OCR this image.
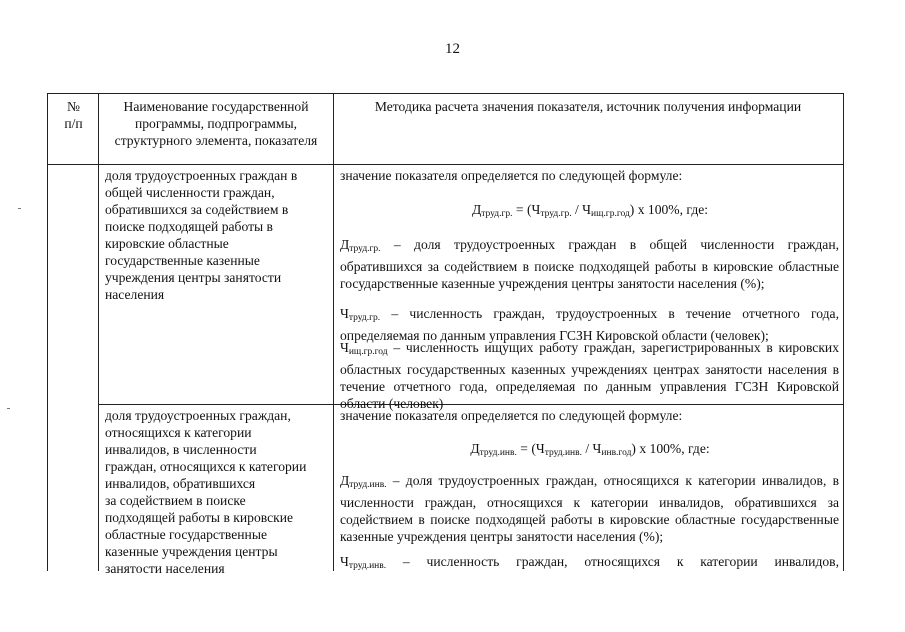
12
№
п/п
Наименование государственной программы, подпрограммы, структурного элемента, показателя
Методика расчета значения показателя, источник получения информации
доля трудоустроенных граждан в общей численности граждан, обратившихся за содействием в поиске подходящей работы в кировские областные государственные казенные учреждения центры занятости населения
значение показателя определяется по следующей формуле:
$Д_{труд.гр.} = (Ч_{труд.гр.} / Ч_{ищ.гр.год})$ х 100%, где:
$Д_{труд.гр.}$ – доля трудоустроенных граждан в общей численности граждан, обратившихся за содействием в поиске подходящей работы в кировские областные государственные казенные учреждения центры занятости населения (%);
$Ч_{труд.гр.}$ – численность граждан, трудоустроенных в течение отчетного года, определяемая по данным управления ГСЗН Кировской области (человек);
$Ч_{ищ.гр.год}$ – численность ищущих работу граждан, зарегистрированных в кировских областных государственных казенных учреждениях центрах занятости населения в течение отчетного года, определяемая по данным управления ГСЗН Кировской области (человек)
доля трудоустроенных граждан,
относящихся к категории
инвалидов, в численности
граждан, относящихся к категории
инвалидов, обратившихся
за содействием в поиске
подходящей работы в кировские
областные государственные
казенные учреждения центры
занятости населения
значение показателя определяется по следующей формуле:
$Д_{труд.инв.} = (Ч_{труд.инв.} / Ч_{инв.год})$ х 100%, где:
$Д_{труд.инв.}$ – доля трудоустроенных граждан, относящихся к категории инвалидов, в численности граждан, относящихся к категории инвалидов, обратившихся за содействием в поиске подходящей работы в кировские областные государственные казенные учреждения центры занятости населения (%);
$Ч_{труд.инв.}$ – численность граждан, относящихся к категории инвалидов,
